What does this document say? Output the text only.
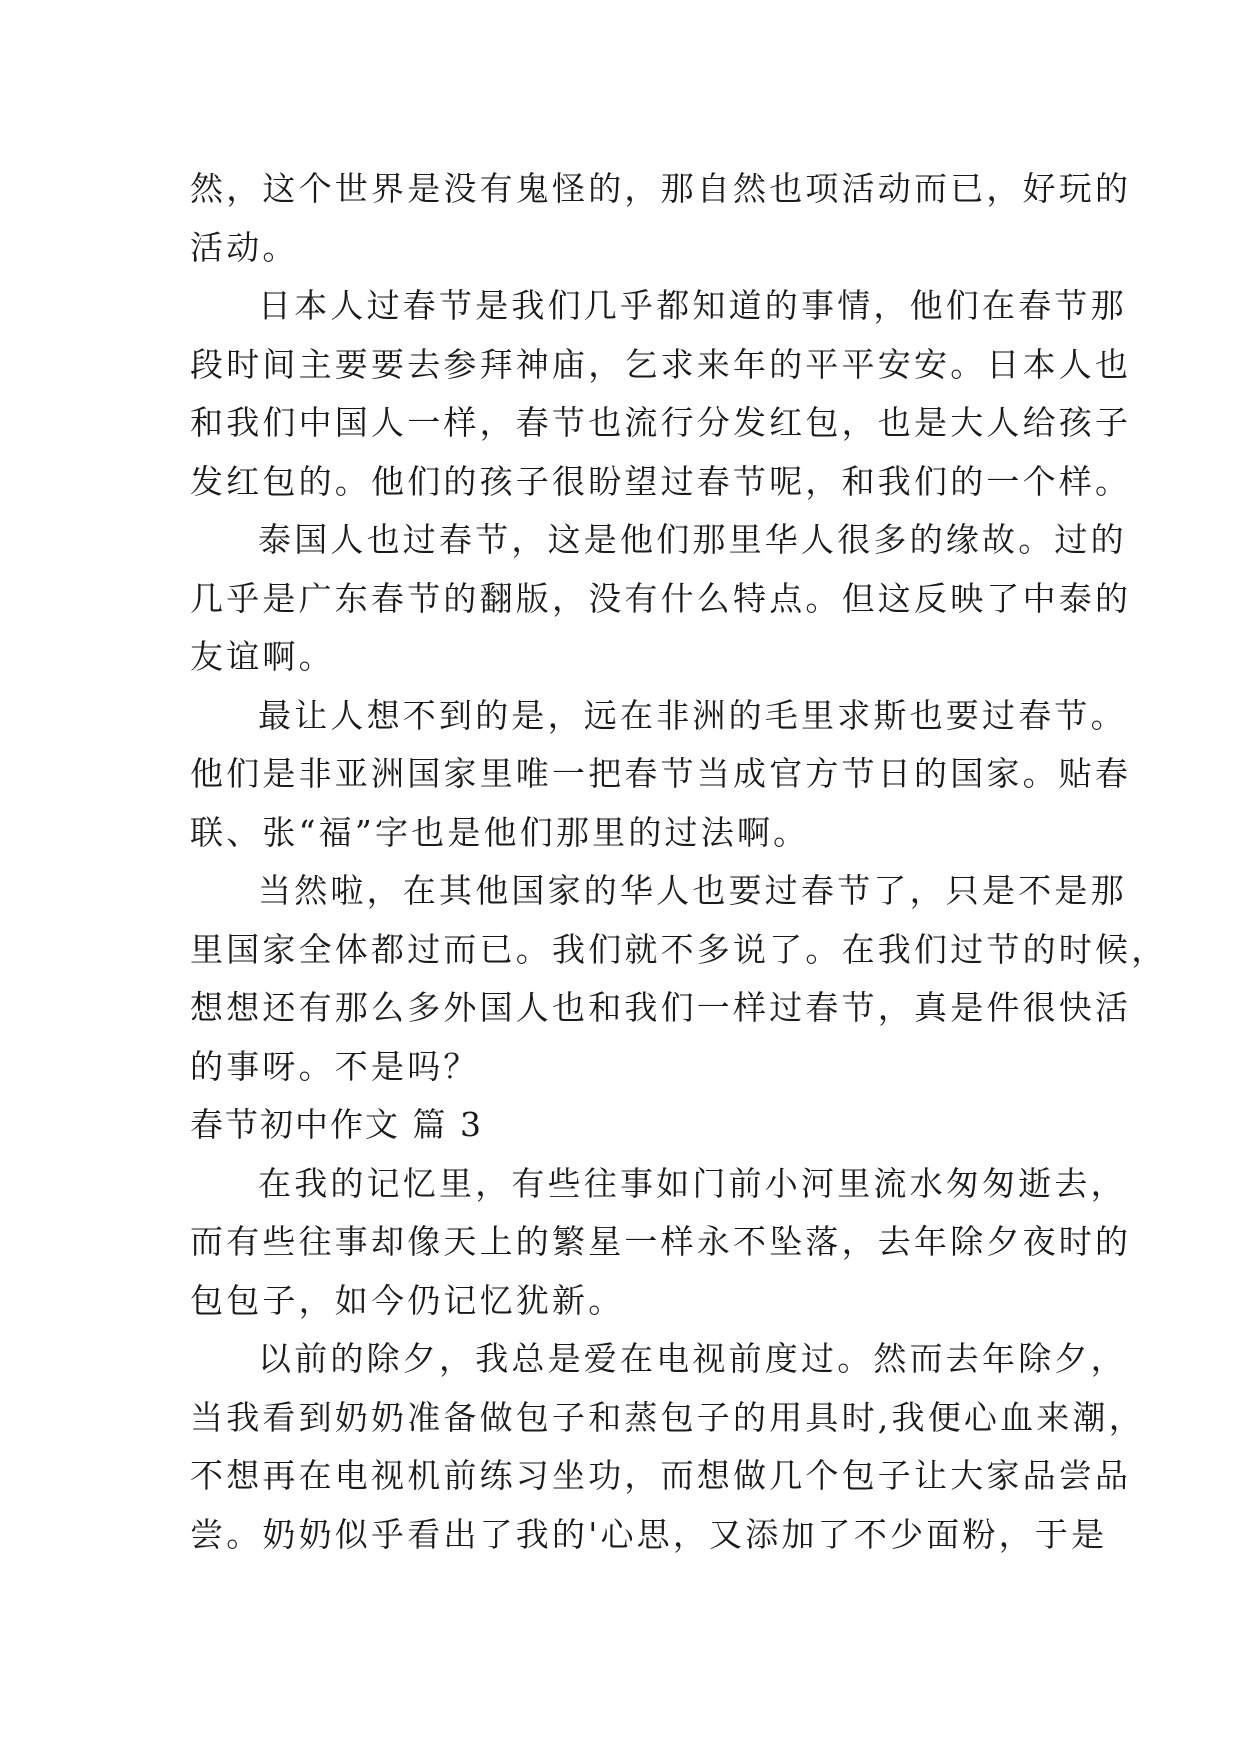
然，这个世界是没有鬼怪的，那自然也项活动而已，好玩的
活动。
日本人过春节是我们几乎都知道的事情，他们在春节那
段时间主要要去参拜神庙，乞求来年的平平安安。日本人也
和我们中国人一样，春节也流行分发红包，也是大人给孩子
发红包的。他们的孩子很盼望过春节呢，和我们的一个样。
泰国人也过春节，这是他们那里华人很多的缘故。过的
几乎是广东春节的翻版，没有什么特点。但这反映了中泰的
友谊啊。
最让人想不到的是，远在非洲的毛里求斯也要过春节。
他们是非亚洲国家里唯一把春节当成官方节日的国家。贴春
联、张“福”字也是他们那里的过法啊。
当然啦，在其他国家的华人也要过春节了，只是不是那
里国家全体都过而已。我们就不多说了。在我们过节的时候，
想想还有那么多外国人也和我们一样过春节，真是件很快活
的事呀。不是吗？
春节初中作文 篇 3
在我的记忆里，有些往事如门前小河里流水匆匆逝去，
而有些往事却像天上的繁星一样永不坠落，去年除夕夜时的
包包子，如今仍记忆犹新。
以前的除夕，我总是爱在电视前度过。然而去年除夕，
当我看到奶奶准备做包子和蒸包子的用具时,我便心血来潮，
不想再在电视机前练习坐功，而想做几个包子让大家品尝品
尝。奶奶似乎看出了我的'心思，又添加了不少面粉，于是
